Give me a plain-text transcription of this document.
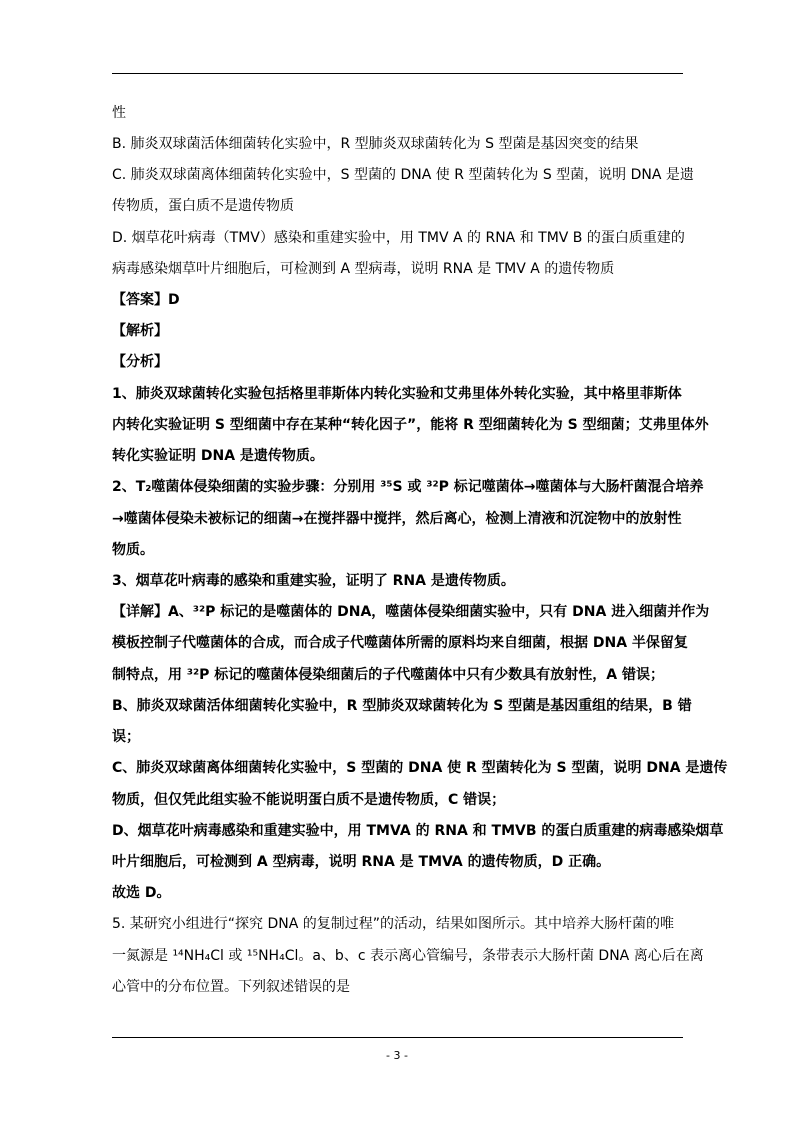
性
B. 肺炎双球菌活体细菌转化实验中，R 型肺炎双球菌转化为 S 型菌是基因突变的结果
C. 肺炎双球菌离体细菌转化实验中，S 型菌的 DNA 使 R 型菌转化为 S 型菌，说明 DNA 是遗
传物质，蛋白质不是遗传物质
D. 烟草花叶病毒（TMV）感染和重建实验中，用 TMV A 的 RNA 和 TMV B 的蛋白质重建的
病毒感染烟草叶片细胞后，可检测到 A 型病毒，说明 RNA 是 TMV A 的遗传物质
【答案】D
【解析】
【分析】
1、肺炎双球菌转化实验包括格里菲斯体内转化实验和艾弗里体外转化实验，其中格里菲斯体
内转化实验证明 S 型细菌中存在某种“转化因子”，能将 R 型细菌转化为 S 型细菌；艾弗里体外
转化实验证明 DNA 是遗传物质。
2、T₂噬菌体侵染细菌的实验步骤：分别用 ³⁵S 或 ³²P 标记噬菌体→噬菌体与大肠杆菌混合培养
→噬菌体侵染未被标记的细菌→在搅拌器中搅拌，然后离心，检测上清液和沉淀物中的放射性
物质。
3、烟草花叶病毒的感染和重建实验，证明了 RNA 是遗传物质。
【详解】A、³²P 标记的是噬菌体的 DNA，噬菌体侵染细菌实验中，只有 DNA 进入细菌并作为
模板控制子代噬菌体的合成，而合成子代噬菌体所需的原料均来自细菌，根据 DNA 半保留复
制特点，用 ³²P 标记的噬菌体侵染细菌后的子代噬菌体中只有少数具有放射性，A 错误；
B、肺炎双球菌活体细菌转化实验中，R 型肺炎双球菌转化为 S 型菌是基因重组的结果，B 错
误；
C、肺炎双球菌离体细菌转化实验中，S 型菌的 DNA 使 R 型菌转化为 S 型菌，说明 DNA 是遗传
物质，但仅凭此组实验不能说明蛋白质不是遗传物质，C 错误；
D、烟草花叶病毒感染和重建实验中，用 TMVA 的 RNA 和 TMVB 的蛋白质重建的病毒感染烟草
叶片细胞后，可检测到 A 型病毒，说明 RNA 是 TMVA 的遗传物质，D 正确。
故选 D。
5. 某研究小组进行“探究 DNA 的复制过程”的活动，结果如图所示。其中培养大肠杆菌的唯
一氮源是 ¹⁴NH₄Cl 或 ¹⁵NH₄Cl。a、b、c 表示离心管编号，条带表示大肠杆菌 DNA 离心后在离
心管中的分布位置。下列叙述错误的是
- 3 -
